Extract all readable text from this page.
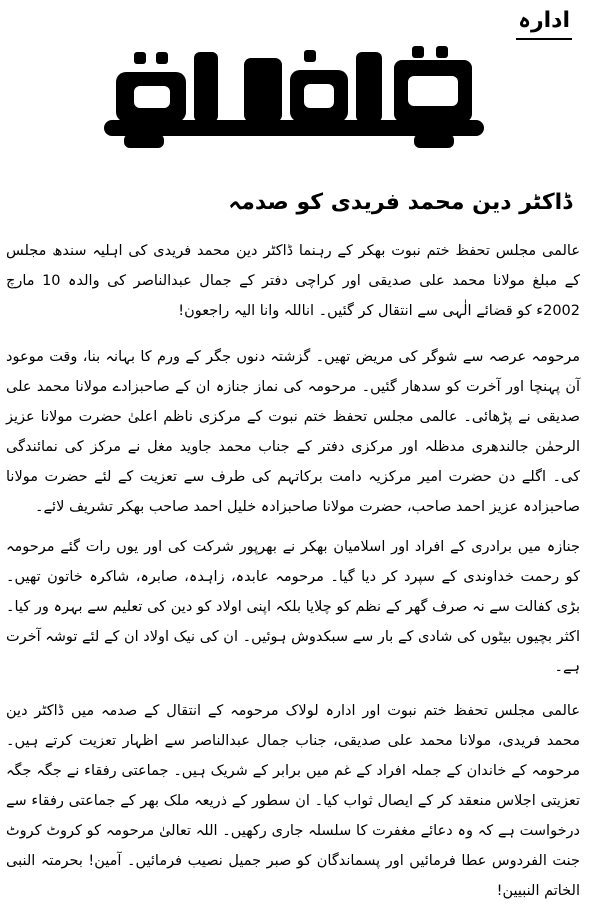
ادارہ
ڈاکٹر دین محمد فریدی کو صدمہ

عالمی مجلس تحفظ ختم نبوت بھکر کے رہنما ڈاکٹر دین محمد فریدی کی اہلیہ سندھ مجلس کے مبلغ مولانا محمد علی صدیقی اور کراچی دفتر کے جمال عبدالناصر کی والدہ 10 مارچ 2002ء کو قضائے الٰہی سے انتقال کر گئیں۔ اناللہ وانا الیہ راجعون!

مرحومہ عرصہ سے شوگر کی مریض تھیں۔ گزشتہ دنوں جگر کے ورم کا بہانہ بنا، وقت موعود آن پہنچا اور آخرت کو سدھار گئیں۔ مرحومہ کی نماز جنازہ ان کے صاحبزادے مولانا محمد علی صدیقی نے پڑھائی۔ عالمی مجلس تحفظ ختم نبوت کے مرکزی ناظم اعلیٰ حضرت مولانا عزیز الرحمٰن جالندھری مدظلہ اور مرکزی دفتر کے جناب محمد جاوید مغل نے مرکز کی نمائندگی کی۔ اگلے دن حضرت امیر مرکزیہ دامت برکاتہم کی طرف سے تعزیت کے لئے حضرت مولانا صاحبزادہ عزیز احمد صاحب، حضرت مولانا صاحبزادہ خلیل احمد صاحب بھکر تشریف لائے۔

جنازہ میں برادری کے افراد اور اسلامیان بھکر نے بھرپور شرکت کی اور یوں رات گئے مرحومہ کو رحمت خداوندی کے سپرد کر دیا گیا۔ مرحومہ عابدہ، زاہدہ، صابرہ، شاکرہ خاتون تھیں۔ بڑی کفالت سے نہ صرف گھر کے نظم کو چلایا بلکہ اپنی اولاد کو دین کی تعلیم سے بہرہ ور کیا۔ اکثر بچیوں بیٹوں کی شادی کے بار سے سبکدوش ہوئیں۔ ان کی نیک اولاد ان کے لئے توشہ آخرت ہے۔

عالمی مجلس تحفظ ختم نبوت اور ادارہ لولاک مرحومہ کے انتقال کے صدمہ میں ڈاکٹر دین محمد فریدی، مولانا محمد علی صدیقی، جناب جمال عبدالناصر سے اظہار تعزیت کرتے ہیں۔ مرحومہ کے خاندان کے جملہ افراد کے غم میں برابر کے شریک ہیں۔ جماعتی رفقاء نے جگہ جگہ تعزیتی اجلاس منعقد کر کے ایصال ثواب کیا۔ ان سطور کے ذریعہ ملک بھر کے جماعتی رفقاء سے درخواست ہے کہ وہ دعائے مغفرت کا سلسلہ جاری رکھیں۔ اللہ تعالیٰ مرحومہ کو کروٹ کروٹ جنت الفردوس عطا فرمائیں اور پسماندگان کو صبر جمیل نصیب فرمائیں۔ آمین! بحرمتہ النبی الخاتم النبیین!
